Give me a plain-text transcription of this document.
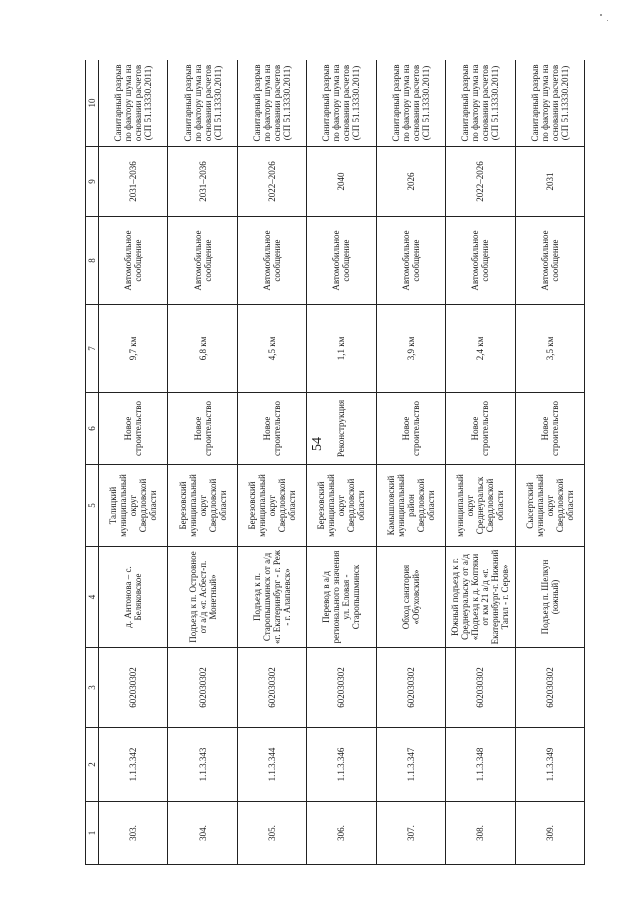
54
1	2	3	4	5	6	7	8	9	10
303.	1.1.3.342	602030302	д. Антонова – с. Беляковское	Талицкий муниципальный округ Свердловской области	Новое строительство	9,7 км	Автомобильное сообщение	2031–2036	Санитарный разрыв по фактору шума на основании расчетов (СП 51.13330.2011)
304.	1.1.3.343	602030302	Подъезд к п. Островное от а/д «г. Асбест-п. Монетный»	Березовский муниципальный округ Свердловской области	Новое строительство	6,8 км	Автомобильное сообщение	2031–2036	Санитарный разрыв по фактору шума на основании расчетов (СП 51.13330.2011)
305.	1.1.3.344	602030302	Подъезд к п. Старопышминск от а/д «г. Екатеринбург - г. Реж - г. Алапаевск»	Березовский муниципальный округ Свердловской области	Новое строительство	4,5 км	Автомобильное сообщение	2022–2026	Санитарный разрыв по фактору шума на основании расчетов (СП 51.13330.2011)
306.	1.1.3.346	602030302	Перевод в а/д регионального значения ул. Еловая - Старопышминск	Березовский муниципальный округ Свердловской области	Реконструкция	1,1 км	Автомобильное сообщение	2040	Санитарный разрыв по фактору шума на основании расчетов (СП 51.13330.2011)
307.	1.1.3.347	602030302	Обход санатория «Обуховский»	Камышловский муниципальный район Свердловской области	Новое строительство	3,9 км	Автомобильное сообщение	2026	Санитарный разрыв по фактору шума на основании расчетов (СП 51.13330.2011)
308.	1.1.3.348	602030302	Южный подъезд к г. Среднеуральску от а/д «Подъезд к д. Коптяки от км 21 а/д «г. Екатеринбург-г. Нижний Тагил - г. Серов»	муниципальный округ Среднеуральск Свердловской области	Новое строительство	2,4 км	Автомобильное сообщение	2022–2026	Санитарный разрыв по фактору шума на основании расчетов (СП 51.13330.2011)
309.	1.1.3.349	602030302	Подъезд п. Шелкун (южный)	Сысертский муниципальный округ Свердловской области	Новое строительство	3,5 км	Автомобильное сообщение	2031	Санитарный разрыв по фактору шума на основании расчетов (СП 51.13330.2011)
